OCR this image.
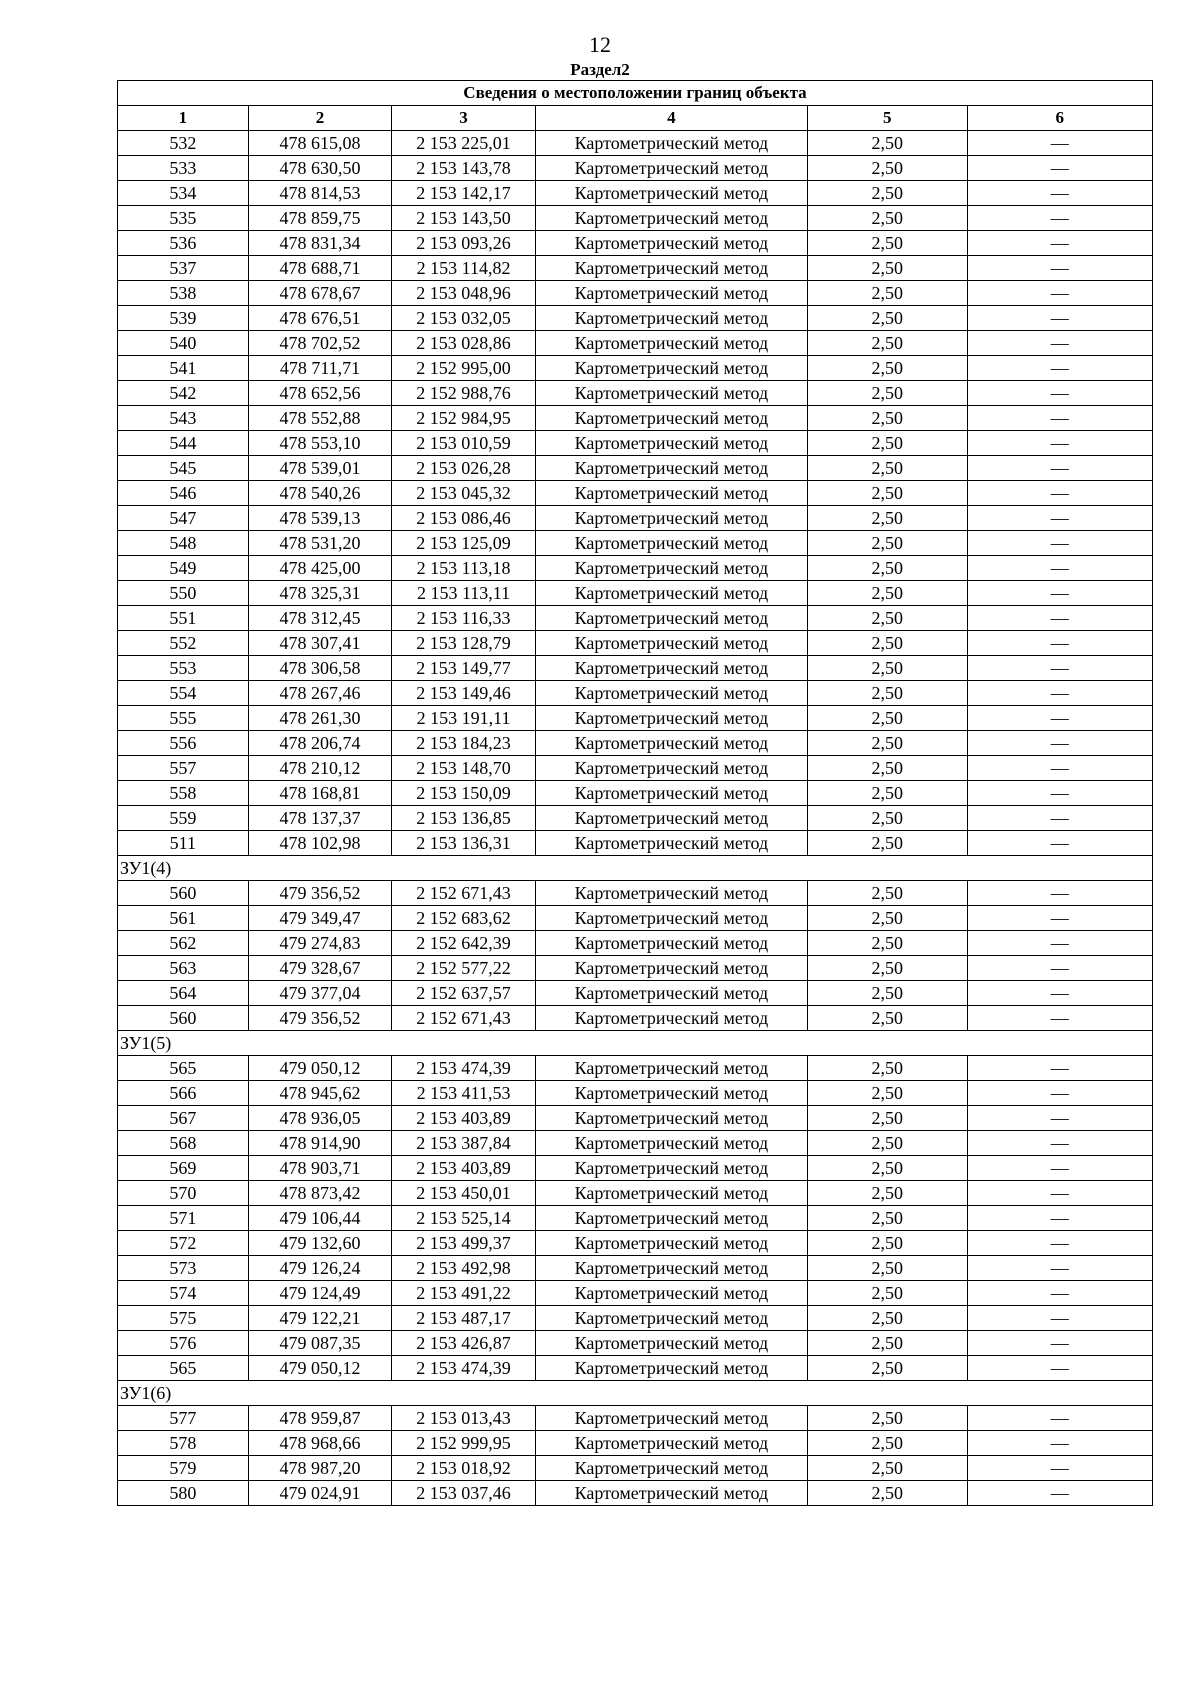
12
Раздел2
Сведения о местоположении границ объекта					
1	2	3	4	5	6
532	478 615,08	2 153 225,01	Картометрический метод	2,50	—
533	478 630,50	2 153 143,78	Картометрический метод	2,50	—
534	478 814,53	2 153 142,17	Картометрический метод	2,50	—
535	478 859,75	2 153 143,50	Картометрический метод	2,50	—
536	478 831,34	2 153 093,26	Картометрический метод	2,50	—
537	478 688,71	2 153 114,82	Картометрический метод	2,50	—
538	478 678,67	2 153 048,96	Картометрический метод	2,50	—
539	478 676,51	2 153 032,05	Картометрический метод	2,50	—
540	478 702,52	2 153 028,86	Картометрический метод	2,50	—
541	478 711,71	2 152 995,00	Картометрический метод	2,50	—
542	478 652,56	2 152 988,76	Картометрический метод	2,50	—
543	478 552,88	2 152 984,95	Картометрический метод	2,50	—
544	478 553,10	2 153 010,59	Картометрический метод	2,50	—
545	478 539,01	2 153 026,28	Картометрический метод	2,50	—
546	478 540,26	2 153 045,32	Картометрический метод	2,50	—
547	478 539,13	2 153 086,46	Картометрический метод	2,50	—
548	478 531,20	2 153 125,09	Картометрический метод	2,50	—
549	478 425,00	2 153 113,18	Картометрический метод	2,50	—
550	478 325,31	2 153 113,11	Картометрический метод	2,50	—
551	478 312,45	2 153 116,33	Картометрический метод	2,50	—
552	478 307,41	2 153 128,79	Картометрический метод	2,50	—
553	478 306,58	2 153 149,77	Картометрический метод	2,50	—
554	478 267,46	2 153 149,46	Картометрический метод	2,50	—
555	478 261,30	2 153 191,11	Картометрический метод	2,50	—
556	478 206,74	2 153 184,23	Картометрический метод	2,50	—
557	478 210,12	2 153 148,70	Картометрический метод	2,50	—
558	478 168,81	2 153 150,09	Картометрический метод	2,50	—
559	478 137,37	2 153 136,85	Картометрический метод	2,50	—
511	478 102,98	2 153 136,31	Картометрический метод	2,50	—
ЗУ1(4)					
560	479 356,52	2 152 671,43	Картометрический метод	2,50	—
561	479 349,47	2 152 683,62	Картометрический метод	2,50	—
562	479 274,83	2 152 642,39	Картометрический метод	2,50	—
563	479 328,67	2 152 577,22	Картометрический метод	2,50	—
564	479 377,04	2 152 637,57	Картометрический метод	2,50	—
560	479 356,52	2 152 671,43	Картометрический метод	2,50	—
ЗУ1(5)					
565	479 050,12	2 153 474,39	Картометрический метод	2,50	—
566	478 945,62	2 153 411,53	Картометрический метод	2,50	—
567	478 936,05	2 153 403,89	Картометрический метод	2,50	—
568	478 914,90	2 153 387,84	Картометрический метод	2,50	—
569	478 903,71	2 153 403,89	Картометрический метод	2,50	—
570	478 873,42	2 153 450,01	Картометрический метод	2,50	—
571	479 106,44	2 153 525,14	Картометрический метод	2,50	—
572	479 132,60	2 153 499,37	Картометрический метод	2,50	—
573	479 126,24	2 153 492,98	Картометрический метод	2,50	—
574	479 124,49	2 153 491,22	Картометрический метод	2,50	—
575	479 122,21	2 153 487,17	Картометрический метод	2,50	—
576	479 087,35	2 153 426,87	Картометрический метод	2,50	—
565	479 050,12	2 153 474,39	Картометрический метод	2,50	—
ЗУ1(6)					
577	478 959,87	2 153 013,43	Картометрический метод	2,50	—
578	478 968,66	2 152 999,95	Картометрический метод	2,50	—
579	478 987,20	2 153 018,92	Картометрический метод	2,50	—
580	479 024,91	2 153 037,46	Картометрический метод	2,50	—
